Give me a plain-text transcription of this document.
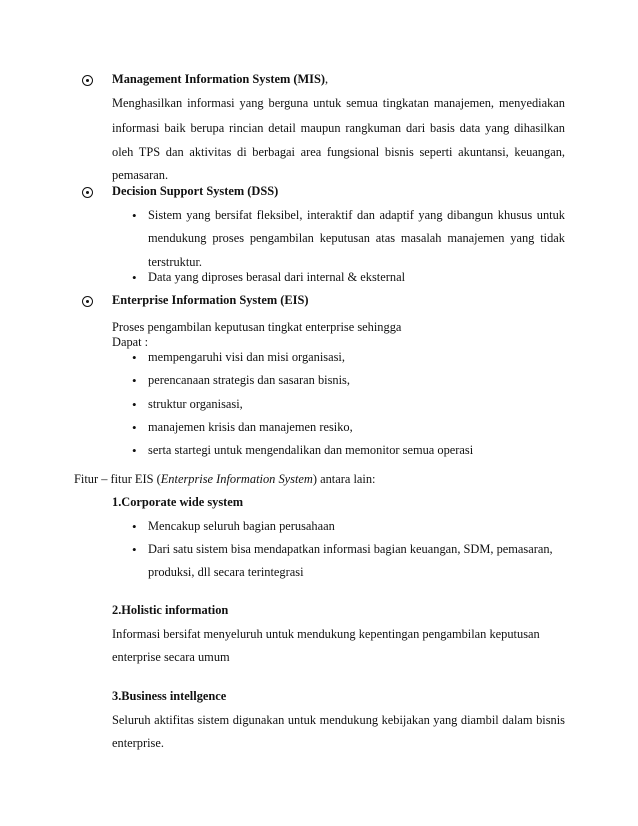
Management Information System (MIS),
Menghasilkan informasi yang berguna untuk semua tingkatan manajemen, menyediakan
informasi baik berupa rincian detail maupun rangkuman dari basis data yang dihasilkan
oleh TPS dan aktivitas di berbagai area fungsional bisnis seperti akuntansi, keuangan,
pemasaran.
Decision Support System (DSS)
• Sistem yang bersifat fleksibel, interaktif dan adaptif yang dibangun khusus untuk
mendukung proses pengambilan keputusan atas masalah manajemen yang tidak
terstruktur.
• Data yang diproses berasal dari internal & eksternal
Enterprise Information System (EIS)
Proses pengambilan keputusan tingkat enterprise sehingga
Dapat :
• mempengaruhi visi dan misi organisasi,
• perencanaan strategis dan sasaran bisnis,
• struktur organisasi,
• manajemen krisis dan manajemen resiko,
• serta startegi untuk mengendalikan dan memonitor semua operasi
Fitur – fitur EIS (Enterprise Information System) antara lain:
1.Corporate wide system
• Mencakup seluruh bagian perusahaan
• Dari satu sistem bisa mendapatkan informasi bagian keuangan, SDM, pemasaran,
produksi, dll secara terintegrasi
2.Holistic information
Informasi bersifat menyeluruh untuk mendukung kepentingan pengambilan keputusan
enterprise secara umum
3.Business intellgence
Seluruh aktifitas sistem digunakan untuk mendukung kebijakan yang diambil dalam bisnis
enterprise.
